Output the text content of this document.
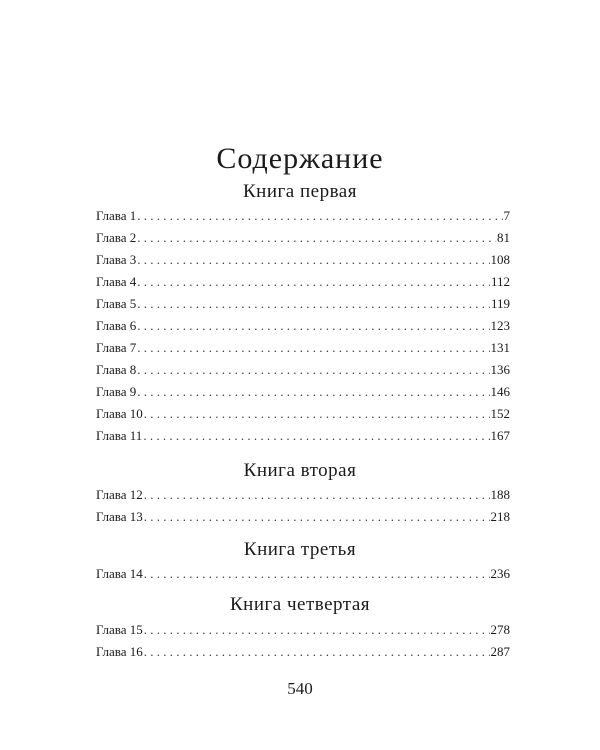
Содержание
Книга первая
Глава 1 . . .	7
Глава 2 . . .	81
Глава 3 . . .	108
Глава 4 . . .	112
Глава 5 . . .	119
Глава 6 . . .	123
Глава 7 . . .	131
Глава 8 . . .	136
Глава 9 . . .	146
Глава 10 . . .	152
Глава 11 . . .	167
Книга вторая
Глава 12 . . .	188
Глава 13 . . .	218
Книга третья
Глава 14 . . .	236
Книга четвертая
Глава 15 . . .	278
Глава 16 . . .	287
540
